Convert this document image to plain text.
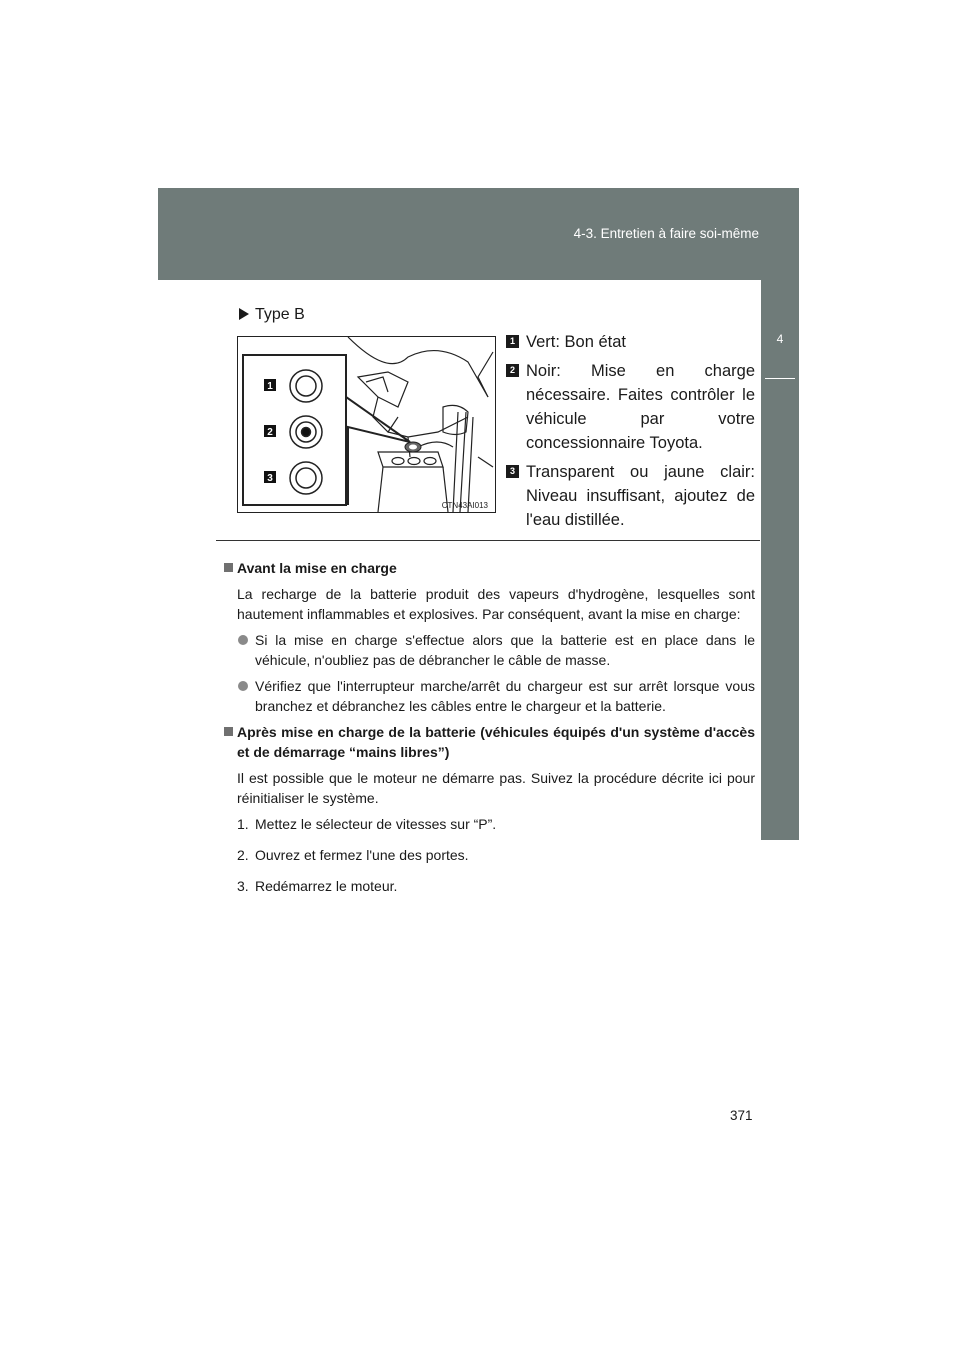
4-3. Entretien à faire soi-même
4
Entretien et soin
Type B
1
2
3
CTN43AI013
1 Vert: Bon état
2 Noir: Mise en charge nécessaire. Faites contrôler le véhicule par votre concessionnaire Toyota.
3 Transparent ou jaune clair: Niveau insuffisant, ajoutez de l'eau distillée.
Avant la mise en charge
La recharge de la batterie produit des vapeurs d'hydrogène, lesquelles sont hautement inflammables et explosives. Par conséquent, avant la mise en charge:
Si la mise en charge s'effectue alors que la batterie est en place dans le véhicule, n'oubliez pas de débrancher le câble de masse.
Vérifiez que l'interrupteur marche/arrêt du chargeur est sur arrêt lorsque vous branchez et débranchez les câbles entre le chargeur et la batterie.
Après mise en charge de la batterie (véhicules équipés d'un système d'accès et de démarrage “mains libres”)
Il est possible que le moteur ne démarre pas. Suivez la procédure décrite ici pour réinitialiser le système.
1. Mettez le sélecteur de vitesses sur “P”.
2. Ouvrez et fermez l'une des portes.
3. Redémarrez le moteur.
371
